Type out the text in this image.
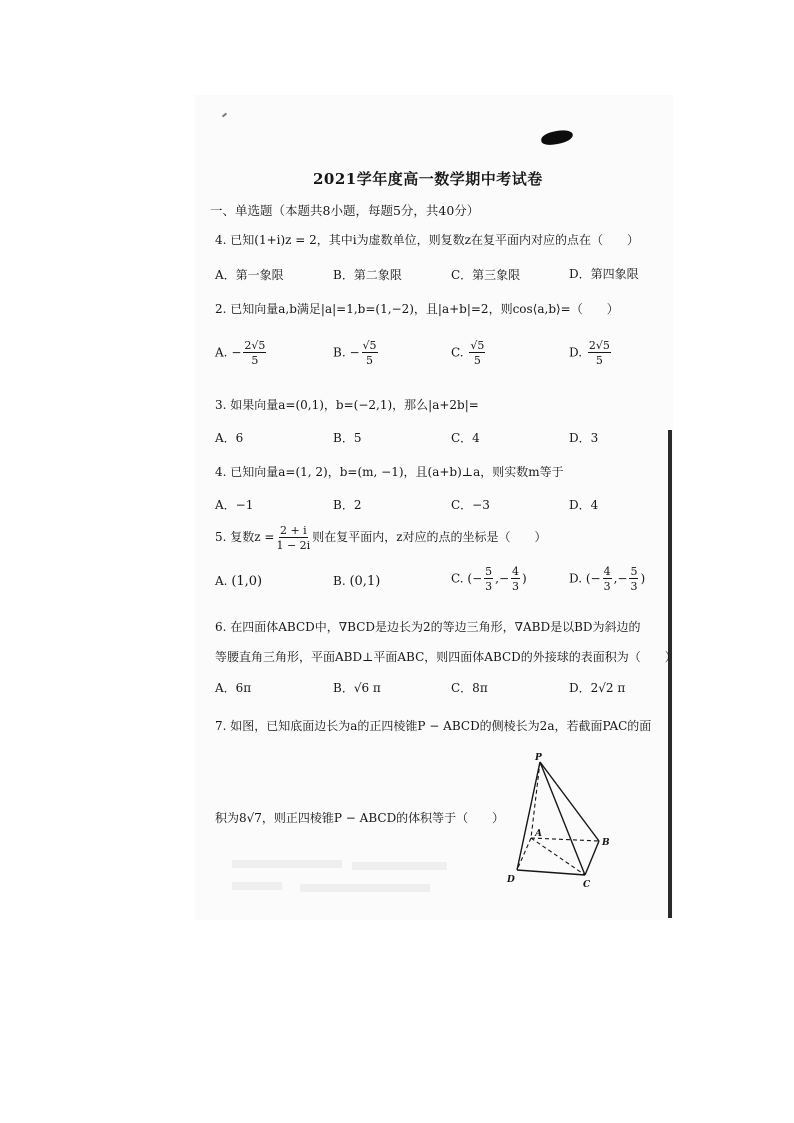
2021学年度高一数学期中考试卷
一、单选题（本题共8小题，每题5分，共40分）
4. 已知(1+i)z = 2，其中i为虚数单位，则复数z在复平面内对应的点在（　　）
A．第一象限	B．第二象限	C．第三象限	D．第四象限
2. 已知向量a,b满足|a|=1,b=(1,−2)，且|a+b|=2，则cos⟨a,b⟩=（　　）
A. − $\frac{2√5}{5}$	B. − $\frac{√5}{5}$	C. $\frac{√5}{5}$	D. $\frac{2√5}{5}$
3. 如果向量a=(0,1)，b=(−2,1)，那么|a+2b|=
A．6	B．5	C．4	D．3
4. 已知向量a=(1, 2)，b=(m, −1)，且(a+b)⊥a，则实数m等于
A．−1	B．2	C．−3	D．4
5. 复数$z = \frac{2 + i}{1 - 2i}$ 则在复平面内，z对应的点的坐标是（　　）
A. (1,0)	B. (0,1)	C. (− $\frac{5}{3}$ ,− $\frac{4}{3}$ )	D. (− $\frac{4}{3}$ ,− $\frac{5}{3}$ )
6. 在四面体ABCD中，∇BCD是边长为2的等边三角形，∇ABD是以BD为斜边的
等腰直角三角形，平面ABD⊥平面ABC，则四面体ABCD的外接球的表面积为（　　）
A．6π	B．√6 π	C．8π	D．2√2 π
7. 如图，已知底面边长为a的正四棱锥P − ABCD的侧棱长为2a，若截面PAC的面
积为8√7，则正四棱锥P − ABCD的体积等于（　　）
P
A
B
C
D
